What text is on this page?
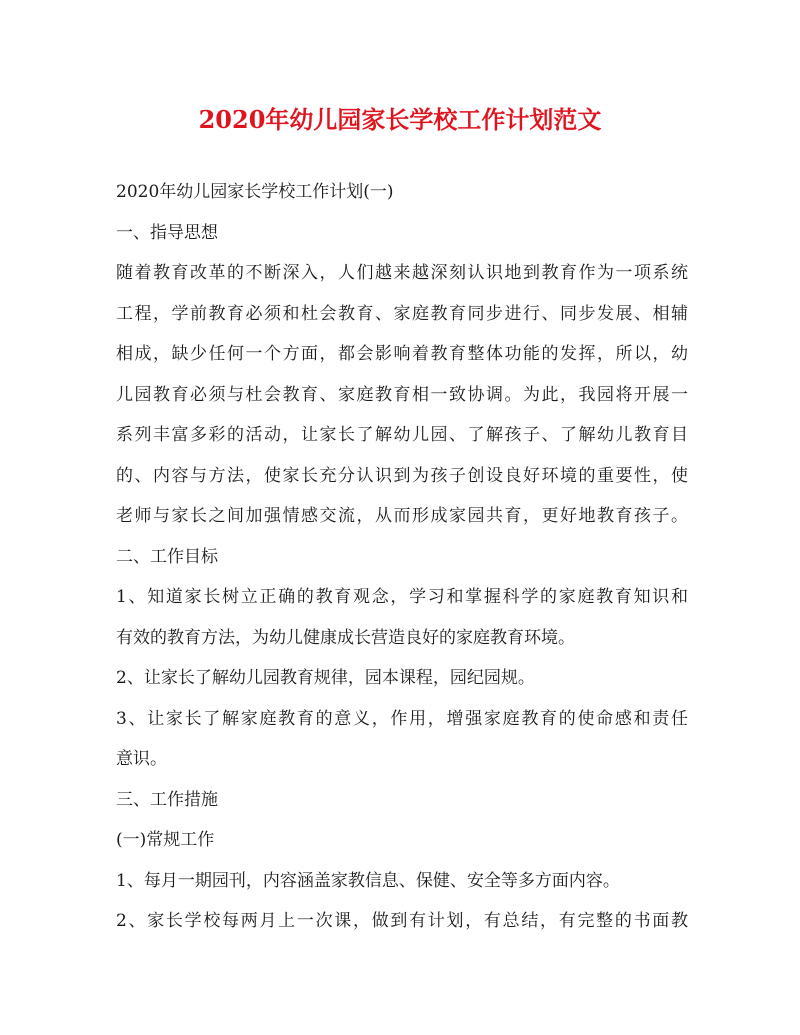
2020年幼儿园家长学校工作计划范文
2020年幼儿园家长学校工作计划(一)
一、指导思想
随着教育改革的不断深入，人们越来越深刻认识地到教育作为一项系统
工程，学前教育必须和杜会教育、家庭教育同步进行、同步发展、相辅
相成，缺少任何一个方面，都会影响着教育整体功能的发挥，所以，幼
儿园教育必须与杜会教育、家庭教育相一致协调。为此，我园将开展一
系列丰富多彩的活动，让家长了解幼儿园、了解孩子、了解幼儿教育目
的、内容与方法，使家长充分认识到为孩子创设良好环境的重要性，使
老师与家长之间加强情感交流，从而形成家园共育，更好地教育孩子。
二、工作目标
1、知道家长树立正确的教育观念，学习和掌握科学的家庭教育知识和
有效的教育方法，为幼儿健康成长营造良好的家庭教育环境。
2、让家长了解幼儿园教育规律，园本课程，园纪园规。
3、让家长了解家庭教育的意义，作用，增强家庭教育的使命感和责任
意识。
三、工作措施
(一)常规工作
1、每月一期园刊，内容涵盖家教信息、保健、安全等多方面内容。
2、家长学校每两月上一次课，做到有计划，有总结，有完整的书面教
